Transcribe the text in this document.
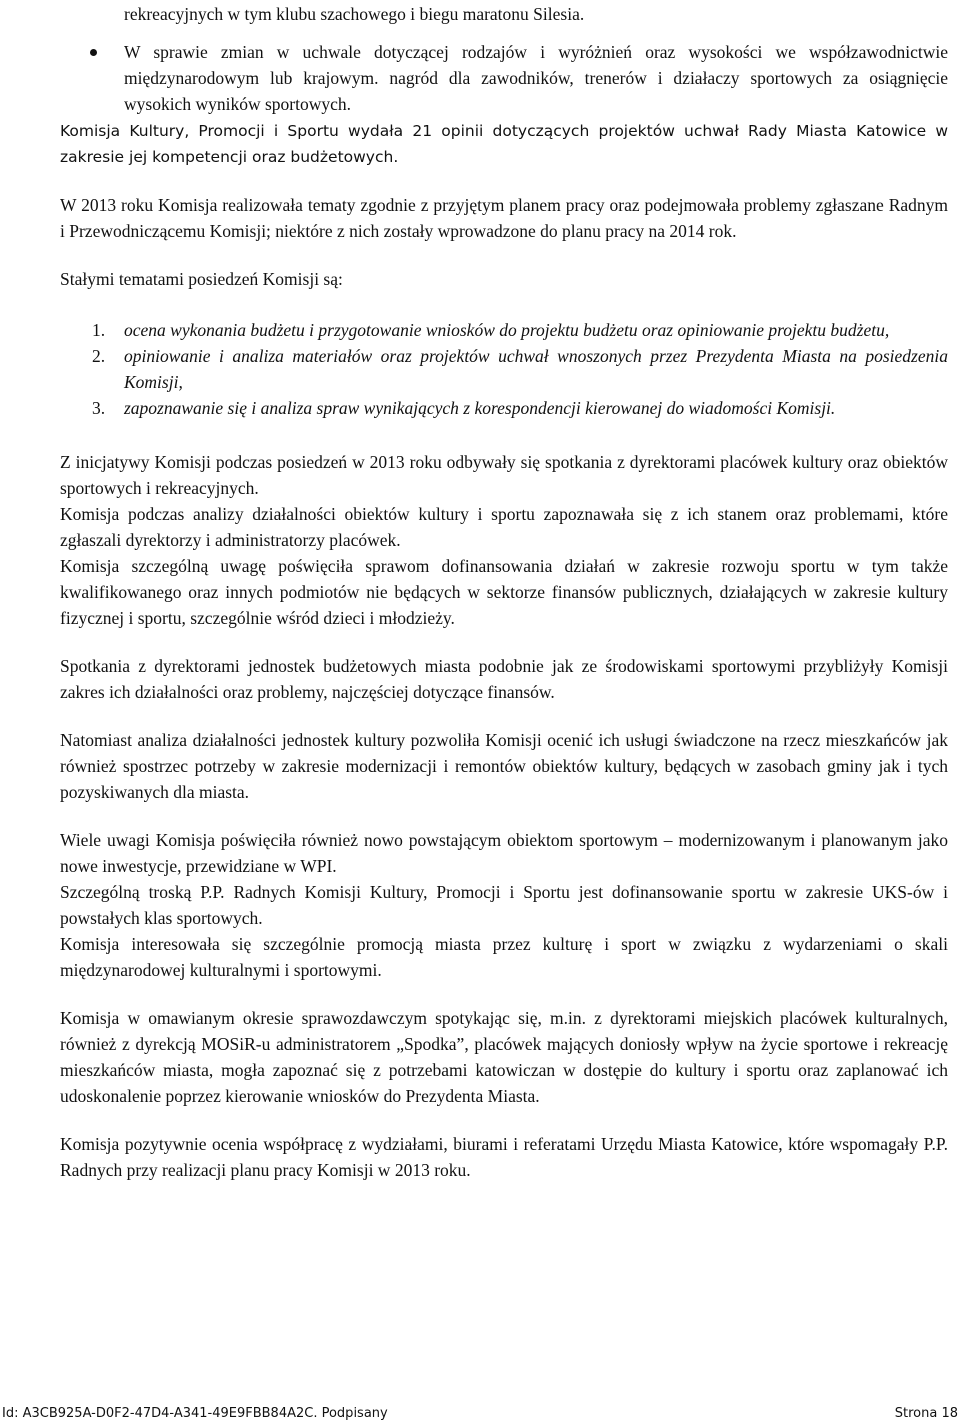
rekreacyjnych w tym klubu szachowego i biegu maratonu Silesia.

W sprawie zmian w uchwale dotyczącej rodzajów i wyróżnień oraz wysokości we współzawodnictwie międzynarodowym lub krajowym. nagród dla zawodników, trenerów i działaczy sportowych za osiągnięcie wysokich wyników sportowych.

Komisja Kultury, Promocji i Sportu wydała 21 opinii dotyczących projektów uchwał Rady Miasta Katowice w zakresie jej kompetencji oraz budżetowych.

W 2013 roku Komisja realizowała tematy zgodnie z przyjętym planem pracy oraz podejmowała problemy zgłaszane Radnym i Przewodniczącemu Komisji; niektóre z nich zostały wprowadzone do planu pracy na 2014 rok.

Stałymi tematami posiedzeń Komisji są:

1. ocena wykonania budżetu i przygotowanie wniosków do projektu budżetu oraz opiniowanie projektu budżetu,
2. opiniowanie i analiza materiałów oraz projektów uchwał wnoszonych przez Prezydenta Miasta na posiedzenia Komisji,
3. zapoznawanie się i analiza spraw wynikających z korespondencji kierowanej do wiadomości Komisji.

Z inicjatywy Komisji podczas posiedzeń w 2013 roku odbywały się spotkania z dyrektorami placówek kultury oraz obiektów sportowych i rekreacyjnych.

Komisja podczas analizy działalności obiektów kultury i sportu zapoznawała się z ich stanem oraz problemami, które zgłaszali dyrektorzy i administratorzy placówek.

Komisja szczególną uwagę poświęciła sprawom dofinansowania działań w zakresie rozwoju sportu w tym także kwalifikowanego oraz innych podmiotów nie będących w sektorze finansów publicznych, działających w zakresie kultury fizycznej i sportu, szczególnie wśród dzieci i młodzieży.

Spotkania z dyrektorami jednostek budżetowych miasta podobnie jak ze środowiskami sportowymi przybliżyły Komisji zakres ich działalności oraz problemy, najczęściej dotyczące finansów.

Natomiast analiza działalności jednostek kultury pozwoliła Komisji ocenić ich usługi świadczone na rzecz mieszkańców jak również spostrzec potrzeby w zakresie modernizacji i remontów obiektów kultury, będących w zasobach gminy jak i tych pozyskiwanych dla miasta.

Wiele uwagi Komisja poświęciła również nowo powstającym obiektom sportowym – modernizowanym i planowanym jako nowe inwestycje, przewidziane w WPI.

Szczególną troską P.P. Radnych Komisji Kultury, Promocji i Sportu jest dofinansowanie sportu w zakresie UKS-ów i powstałych klas sportowych.

Komisja interesowała się szczególnie promocją miasta przez kulturę i sport w związku z wydarzeniami o skali międzynarodowej kulturalnymi i sportowymi.

Komisja w omawianym okresie sprawozdawczym spotykając się, m.in. z dyrektorami miejskich placówek kulturalnych, również z dyrekcją MOSiR-u administratorem „Spodka”, placówek mających doniosły wpływ na życie sportowe i rekreację mieszkańców miasta, mogła zapoznać się z potrzebami katowiczan w dostępie do kultury i sportu oraz zaplanować ich udoskonalenie poprzez kierowanie wniosków do Prezydenta Miasta.

Komisja pozytywnie ocenia współpracę z wydziałami, biurami i referatami Urzędu Miasta Katowice, które wspomagały P.P. Radnych przy realizacji planu pracy Komisji w 2013 roku.

Id: A3CB925A-D0F2-47D4-A341-49E9FBB84A2C. Podpisany	Strona 18
